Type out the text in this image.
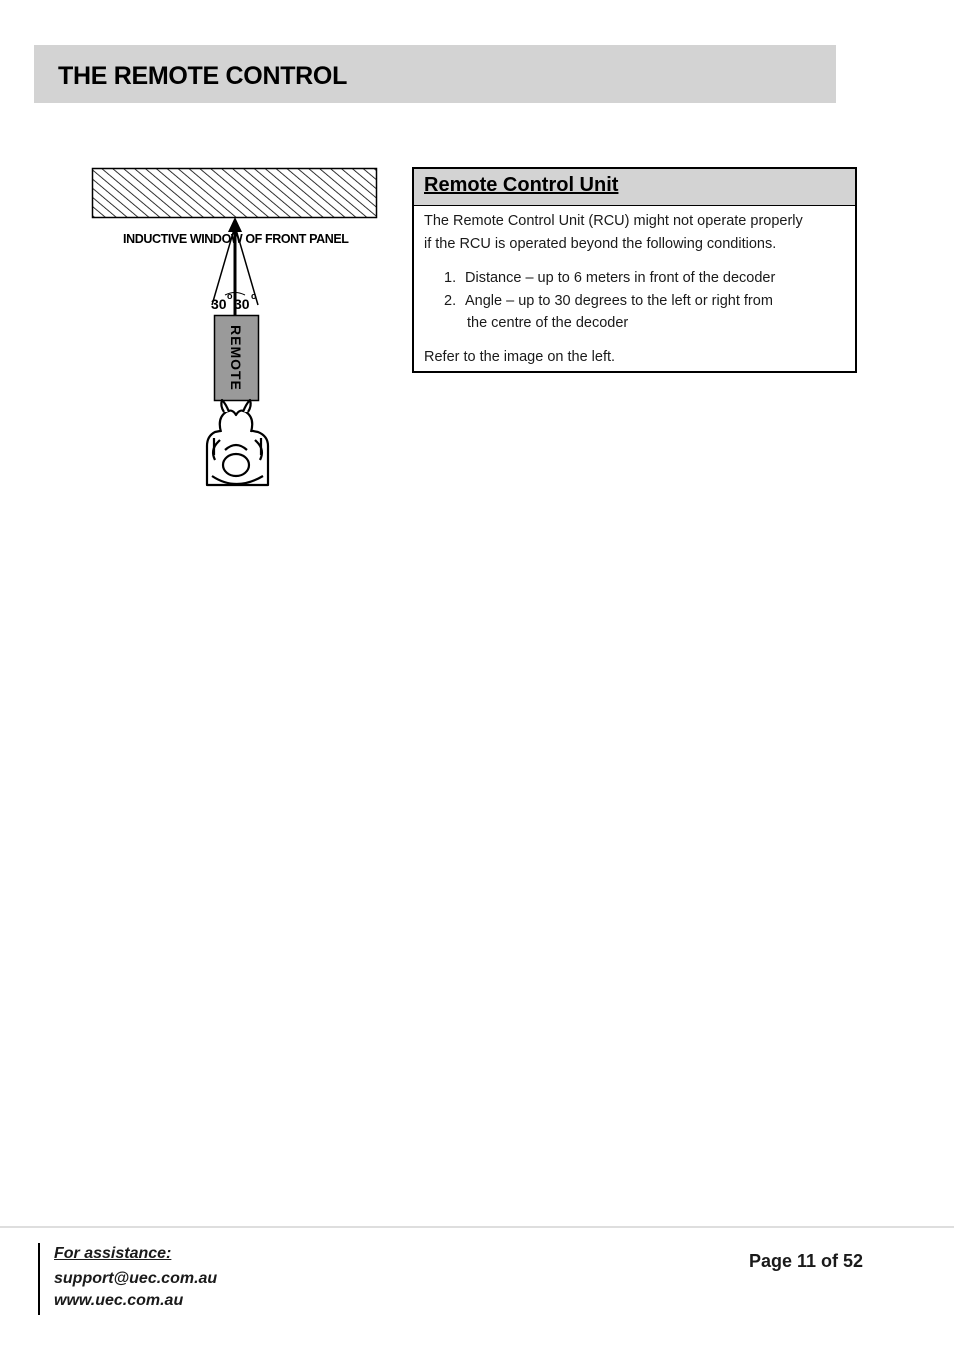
THE REMOTE CONTROL
INDUCTIVE WINDOW OF FRONT PANEL
30 o 30 o
REMOTE
Remote Control Unit
The Remote Control Unit (RCU) might not operate properly
if the RCU is operated beyond the following conditions.
1. Distance – up to 6 meters in front of the decoder
2. Angle – up to 30 degrees to the left or right from
the centre of the decoder
Refer to the image on the left.
For assistance:
support@uec.com.au
www.uec.com.au
Page 11 of 52
